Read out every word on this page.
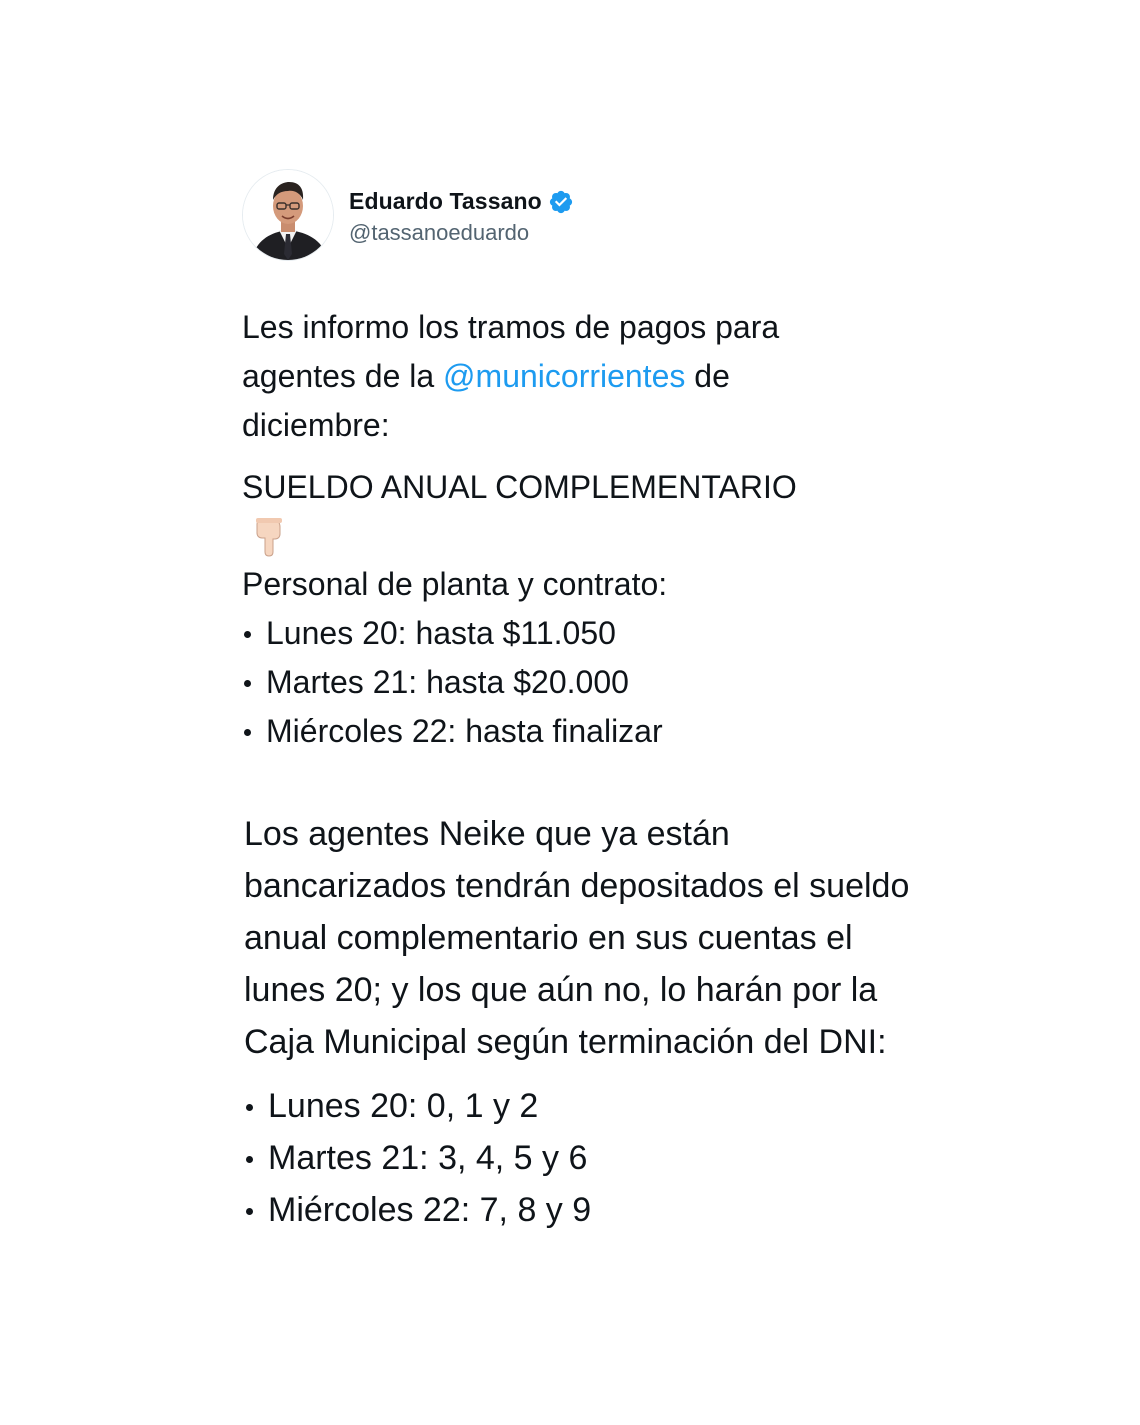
Eduardo Tassano
@tassanoeduardo

Les informo los tramos de pagos para agentes de la @municorrientes de diciembre:

SUELDO ANUAL COMPLEMENTARIO

Personal de planta y contrato:

Lunes 20: hasta $11.050
Martes 21: hasta $20.000
Miércoles 22: hasta finalizar

Los agentes Neike que ya están bancarizados tendrán depositados el sueldo anual complementario en sus cuentas el lunes 20; y los que aún no, lo harán por la Caja Municipal según terminación del DNI:

Lunes 20: 0, 1 y 2
Martes 21: 3, 4, 5 y 6
Miércoles 22: 7, 8 y 9
